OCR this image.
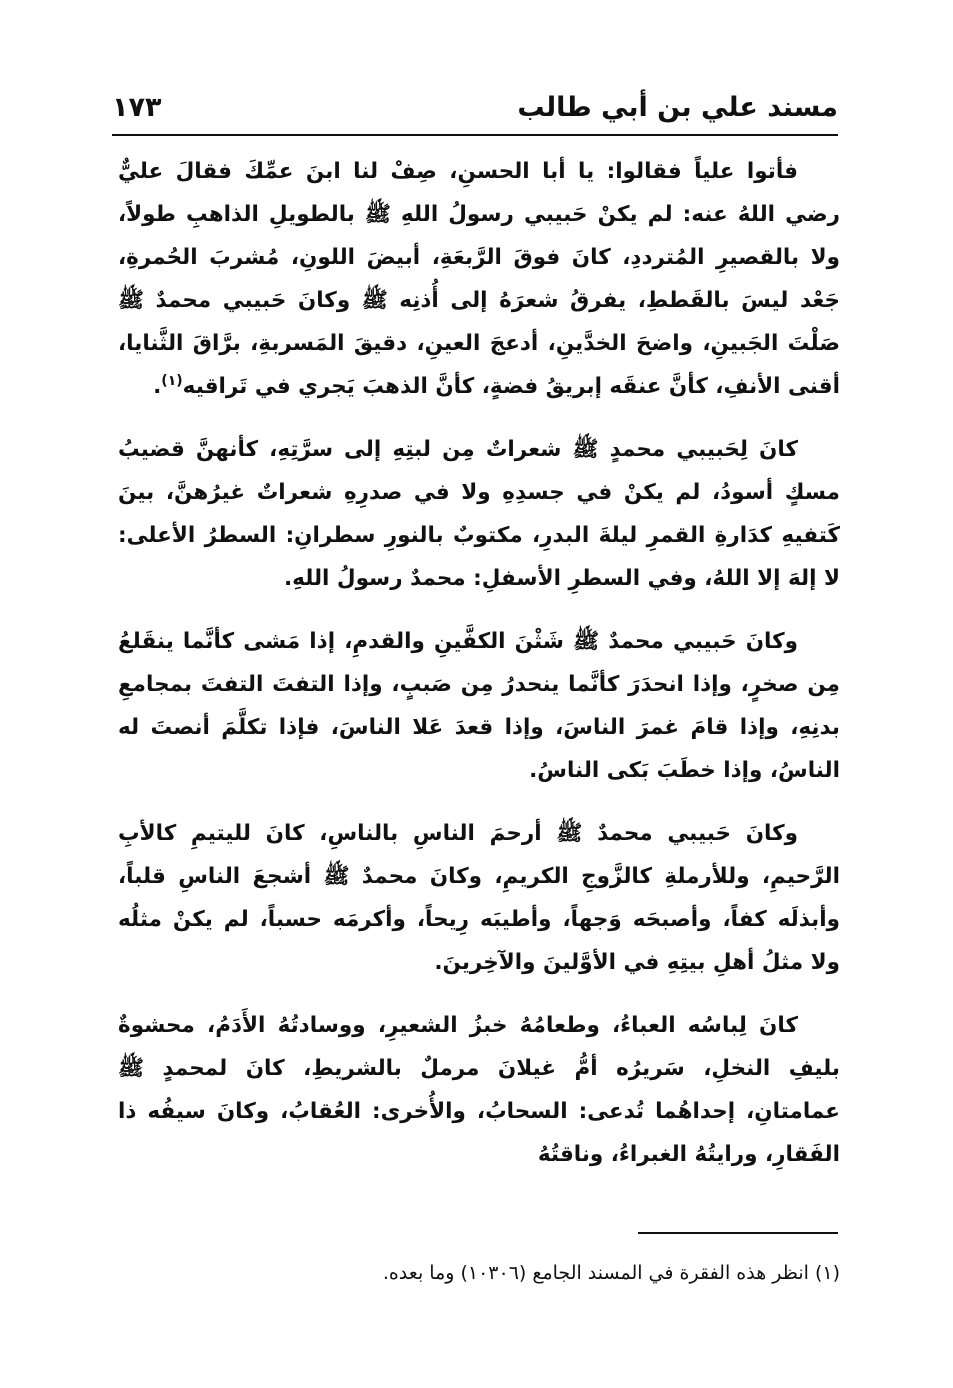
مسند علي بن أبي طالب
١٧٣

فأتوا علياً فقالوا: يا أبا الحسنِ، صِفْ لنا ابنَ عمِّكَ فقالَ عليٌّ رضي اللهُ عنه: لم يكنْ حَبيبي رسولُ اللهِ ﷺ بالطويلِ الذاهبِ طولاً، ولا بالقصيرِ المُترددِ، كانَ فوقَ الرَّبعَةِ، أبيضَ اللونِ، مُشربَ الحُمرةِ، جَعْد ليسَ بالقَططِ، يفرقُ شعرَهُ إلى أُذنِه ﷺ وكانَ حَبيبي محمدٌ ﷺ صَلْتَ الجَبينِ، واضحَ الخدَّينِ، أدعجَ العينِ، دقيقَ المَسربةِ، برَّاقَ الثَّنايا، أقنى الأنفِ، كأنَّ عنقَه إبريقُ فضةٍ، كأنَّ الذهبَ يَجري في تَراقيه$^{(١)}$.

كانَ لِحَبيبي محمدٍ ﷺ شعراتٌ مِن لبتِهِ إلى سرَّتِهِ، كأنهنَّ قضيبُ مسكٍ أسودُ، لم يكنْ في جسدِهِ ولا في صدرِهِ شعراتٌ غيرُهنَّ، بينَ كَتفيهِ كدَارةِ القمرِ ليلةَ البدرِ، مكتوبٌ بالنورِ سطرانِ: السطرُ الأعلى: لا إلهَ إلا اللهُ، وفي السطرِ الأسفلِ: محمدٌ رسولُ اللهِ.

وكانَ حَبيبي محمدٌ ﷺ شَثْنَ الكفَّينِ والقدمِ، إذا مَشى كأنَّما ينقَلعُ مِن صخرٍ، وإذا انحدَرَ كأنَّما ينحدرُ مِن صَببٍ، وإذا التفتَ التفتَ بمجامعِ بدنِهِ، وإذا قامَ غمرَ الناسَ، وإذا قعدَ عَلا الناسَ، فإذا تكلَّمَ أنصتَ له الناسُ، وإذا خطَبَ بَكى الناسُ.

وكانَ حَبيبي محمدٌ ﷺ أرحمَ الناسِ بالناسِ، كانَ لليتيمِ كالأبِ الرَّحيمِ، وللأرملةِ كالزَّوجِ الكريمِ، وكانَ محمدٌ ﷺ أشجعَ الناسِ قلباً، وأبذلَه كفاً، وأصبحَه وَجهاً، وأطيبَه رِيحاً، وأكرمَه حسباً، لم يكنْ مثلُه ولا مثلُ أهلِ بيتِهِ في الأوَّلينَ والآخِرينَ.

كانَ لِباسُه العباءُ، وطعامُهُ خبزُ الشعيرِ، ووسادتُهُ الأَدَمُ، محشوةٌ بليفِ النخلِ، سَريرُه أمُّ غيلانَ مرملٌ بالشريطِ، كانَ لمحمدٍ ﷺ عمامتانِ، إحداهُما تُدعى: السحابُ، والأُخرى: العُقابُ، وكانَ سيفُه ذا الفَقارِ، ورايتُهُ الغبراءُ، وناقتُهُ

(١) انظر هذه الفقرة في المسند الجامع (١٠٣٠٦) وما بعده.
